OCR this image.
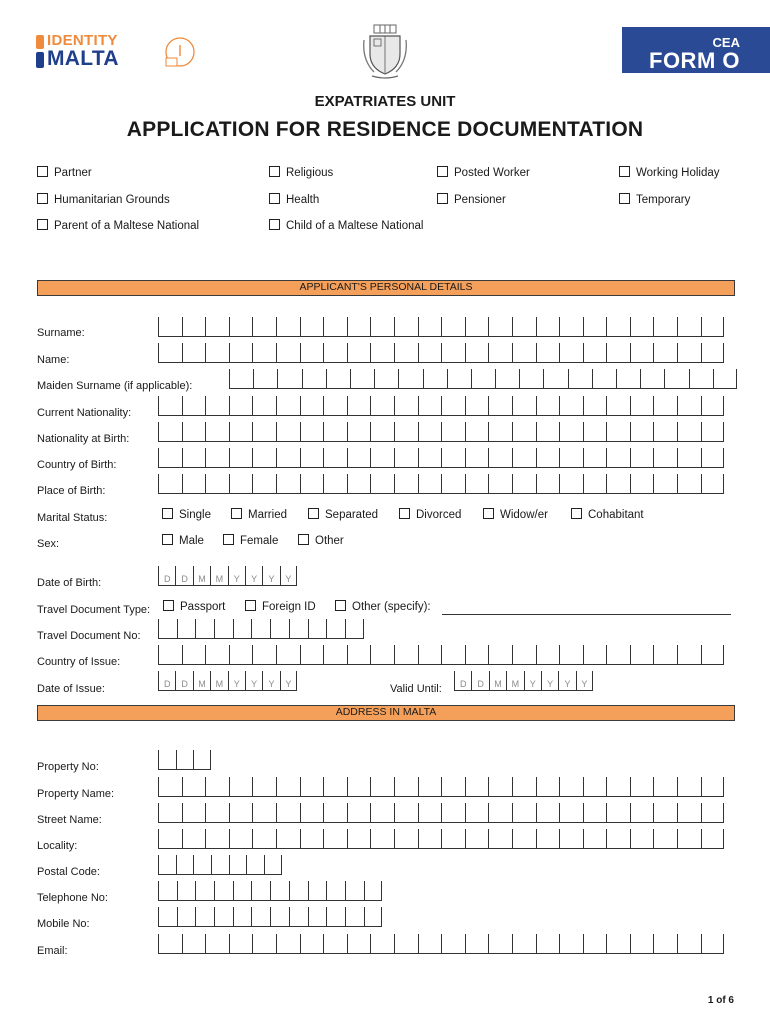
IDENTITY
MALTA
CEA
FORM O
EXPATRIATES UNIT
APPLICATION FOR RESIDENCE DOCUMENTATION
Partner	Religious	Posted Worker	Working Holiday
Humanitarian Grounds	Health	Pensioner	Temporary
Parent of a Maltese National	Child of a Maltese National
APPLICANT'S PERSONAL DETAILS
Surname:
Name:
Maiden Surname (if applicable):
Current Nationality:
Nationality at Birth:
Country of Birth:
Place of Birth:
Marital Status:	Single	Married	Separated	Divorced	Widow/er	Cohabitant
Sex:	Male	Female	Other
Date of Birth:	D	D	M	M	Y	Y	Y	Y
Travel Document Type:	Passport	Foreign ID	Other (specify):
Travel Document No:
Country of Issue:
Date of Issue:	D	D	M	M	Y	Y	Y	Y	Valid Until:	D	D	M	M	Y	Y	Y	Y
ADDRESS IN MALTA
Property No:
Property Name:
Street Name:
Locality:
Postal Code:
Telephone No:
Mobile No:
Email:
1 of 6
